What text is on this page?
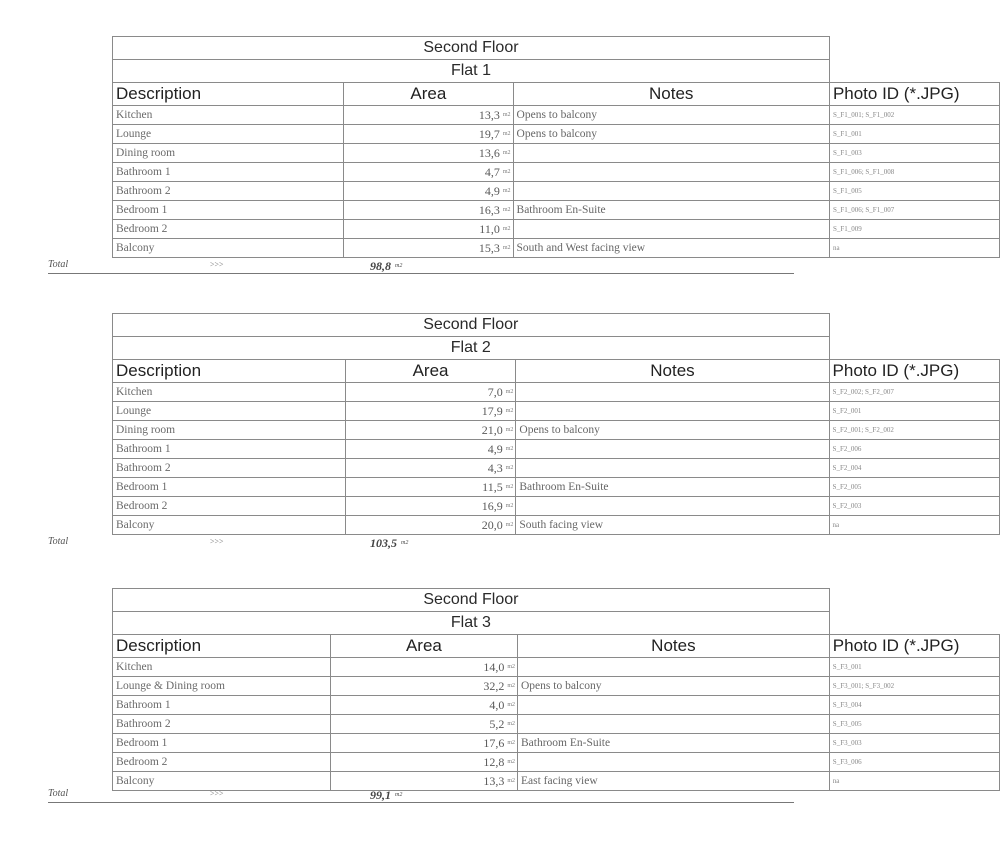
Second Floor			
Flat 1			
Description	Area	Notes	Photo ID (*.JPG)
Kitchen	13,3 $^{m2}$	Opens to balcony	S_F1_001; S_F1_002
Lounge	19,7 $^{m2}$	Opens to balcony	S_F1_001
Dining room	13,6 $^{m2}$		S_F1_003
Bathroom 1	4,7 $^{m2}$		S_F1_006; S_F1_008
Bathroom 2	4,9 $^{m2}$		S_F1_005
Bedroom 1	16,3 $^{m2}$	Bathroom En-Suite	S_F1_006; S_F1_007
Bedroom 2	11,0 $^{m2}$		S_F1_009
Balcony	15,3 $^{m2}$	South and West facing view	na
Total	>>>	98,8 $^{m2}$
Second Floor			
Flat 2			
Description	Area	Notes	Photo ID (*.JPG)
Kitchen	7,0 $^{m2}$		S_F2_002; S_F2_007
Lounge	17,9 $^{m2}$		S_F2_001
Dining room	21,0 $^{m2}$	Opens to balcony	S_F2_001; S_F2_002
Bathroom 1	4,9 $^{m2}$		S_F2_006
Bathroom 2	4,3 $^{m2}$		S_F2_004
Bedroom 1	11,5 $^{m2}$	Bathroom En-Suite	S_F2_005
Bedroom 2	16,9 $^{m2}$		S_F2_003
Balcony	20,0 $^{m2}$	South facing view	na
Total	>>>	103,5 $^{m2}$
Second Floor			
Flat 3			
Description	Area	Notes	Photo ID (*.JPG)
Kitchen	14,0 $^{m2}$		S_F3_001
Lounge & Dining room	32,2 $^{m2}$	Opens to balcony	S_F3_001; S_F3_002
Bathroom 1	4,0 $^{m2}$		S_F3_004
Bathroom 2	5,2 $^{m2}$		S_F3_005
Bedroom 1	17,6 $^{m2}$	Bathroom En-Suite	S_F3_003
Bedroom 2	12,8 $^{m2}$		S_F3_006
Balcony	13,3 $^{m2}$	East facing view	na
Total	>>>	99,1 $^{m2}$
